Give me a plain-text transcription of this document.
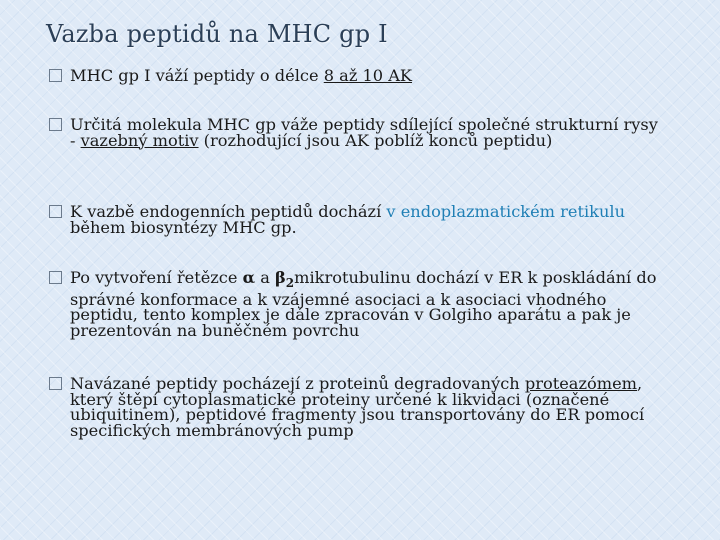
Vazba peptidů na MHC gp I
MHC gp I váží peptidy o délce 8 až 10 AK
Určitá molekula MHC gp váže peptidy sdílející společné strukturní rysy - vazebný motiv (rozhodující jsou AK poblíž konců peptidu)
K vazbě endogenních peptidů dochází v endoplazmatickém retikulu během biosyntézy MHC gp.
Po vytvoření řetězce α a $\beta_2mikrotubulinu$ dochází v ER k poskládání do správné konformace a k vzájemné asociaci a k asociaci vhodného peptidu, tento komplex je dále zpracován v Golgiho aparátu a pak je prezentován na buněčném povrchu
Navázané peptidy pocházejí z proteinů degradovaných proteazómem, který štěpí cytoplasmatické proteiny určené k likvidaci (označené ubiquitinem), peptidové fragmenty jsou transportovány do ER pomocí specifických membránových pump
